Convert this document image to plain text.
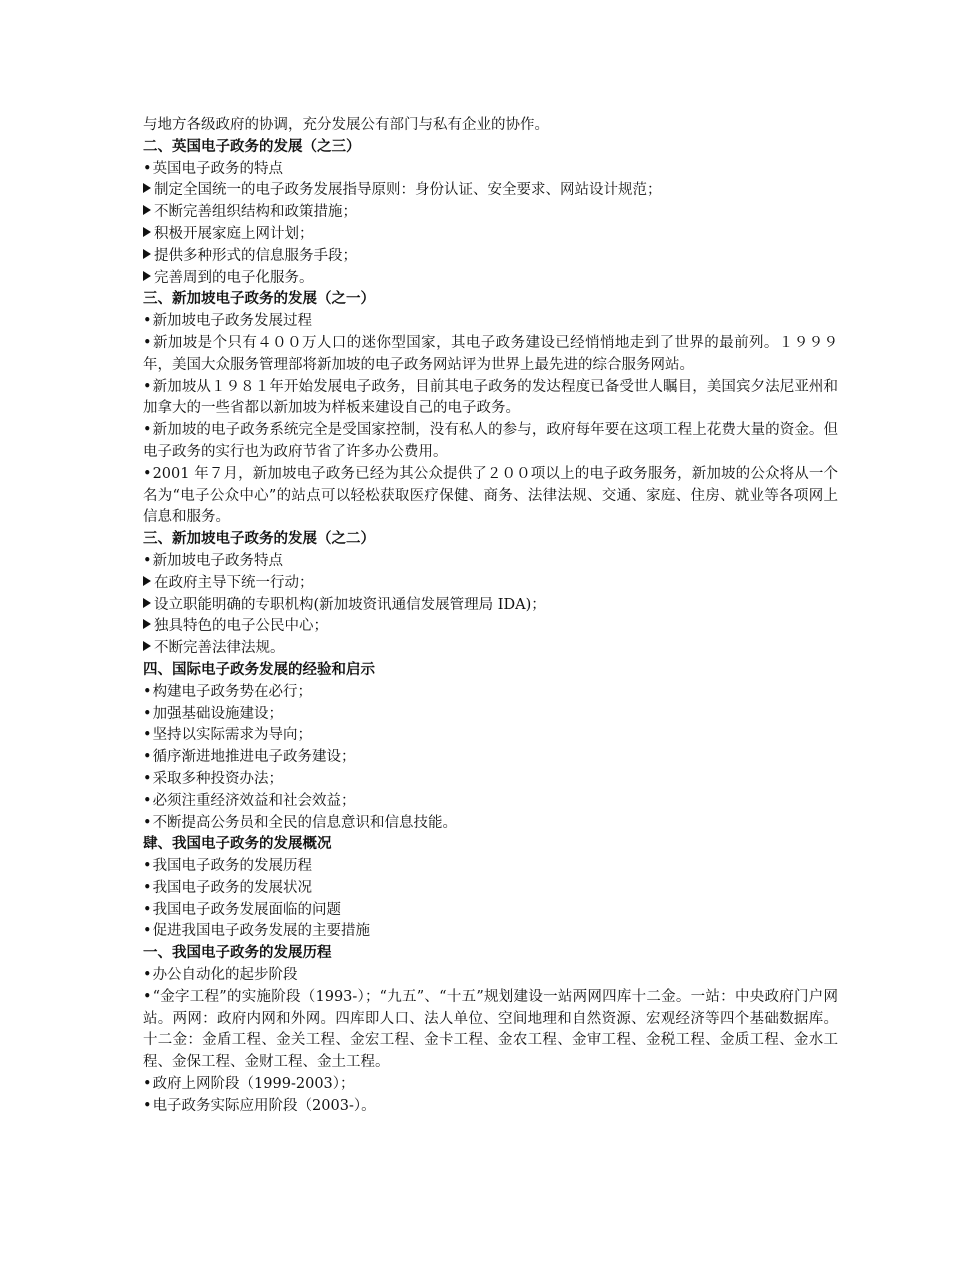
与地方各级政府的协调，充分发展公有部门与私有企业的协作。

二、英国电子政务的发展（之三）

•英国电子政务的特点

制定全国统一的电子政务发展指导原则：身份认证、安全要求、网站设计规范；

不断完善组织结构和政策措施；

积极开展家庭上网计划；

提供多种形式的信息服务手段；

完善周到的电子化服务。

三、新加坡电子政务的发展（之一）

•新加坡电子政务发展过程

•新加坡是个只有４００万人口的迷你型国家，其电子政务建设已经悄悄地走到了世界的最前列。１９９９年，美国大众服务管理部将新加坡的电子政务网站评为世界上最先进的综合服务网站。

•新加坡从１９８１年开始发展电子政务，目前其电子政务的发达程度已备受世人瞩目，美国宾夕法尼亚州和加拿大的一些省都以新加坡为样板来建设自己的电子政务。

•新加坡的电子政务系统完全是受国家控制，没有私人的参与，政府每年要在这项工程上花费大量的资金。但电子政务的实行也为政府节省了许多办公费用。

•2001 年７月，新加坡电子政务已经为其公众提供了２００项以上的电子政务服务，新加坡的公众将从一个名为“电子公众中心”的站点可以轻松获取医疗保健、商务、法律法规、交通、家庭、住房、就业等各项网上信息和服务。

三、新加坡电子政务的发展（之二）

•新加坡电子政务特点

在政府主导下统一行动；

设立职能明确的专职机构(新加坡资讯通信发展管理局 IDA)；

独具特色的电子公民中心；

不断完善法律法规。

四、国际电子政务发展的经验和启示

•构建电子政务势在必行；

•加强基础设施建设；

•坚持以实际需求为导向；

•循序渐进地推进电子政务建设；

•采取多种投资办法；

•必须注重经济效益和社会效益；

•不断提高公务员和全民的信息意识和信息技能。

肆、我国电子政务的发展概况

•我国电子政务的发展历程

•我国电子政务的发展状况

•我国电子政务发展面临的问题

•促进我国电子政务发展的主要措施

一、我国电子政务的发展历程

•办公自动化的起步阶段

•“金字工程”的实施阶段（1993-）；“九五”、“十五”规划建设一站两网四库十二金。一站：中央政府门户网站。两网：政府内网和外网。四库即人口、法人单位、空间地理和自然资源、宏观经济等四个基础数据库。十二金：金盾工程、金关工程、金宏工程、金卡工程、金农工程、金审工程、金税工程、金质工程、金水工程、金保工程、金财工程、金土工程。

•政府上网阶段（1999-2003）；

•电子政务实际应用阶段（2003-）。
